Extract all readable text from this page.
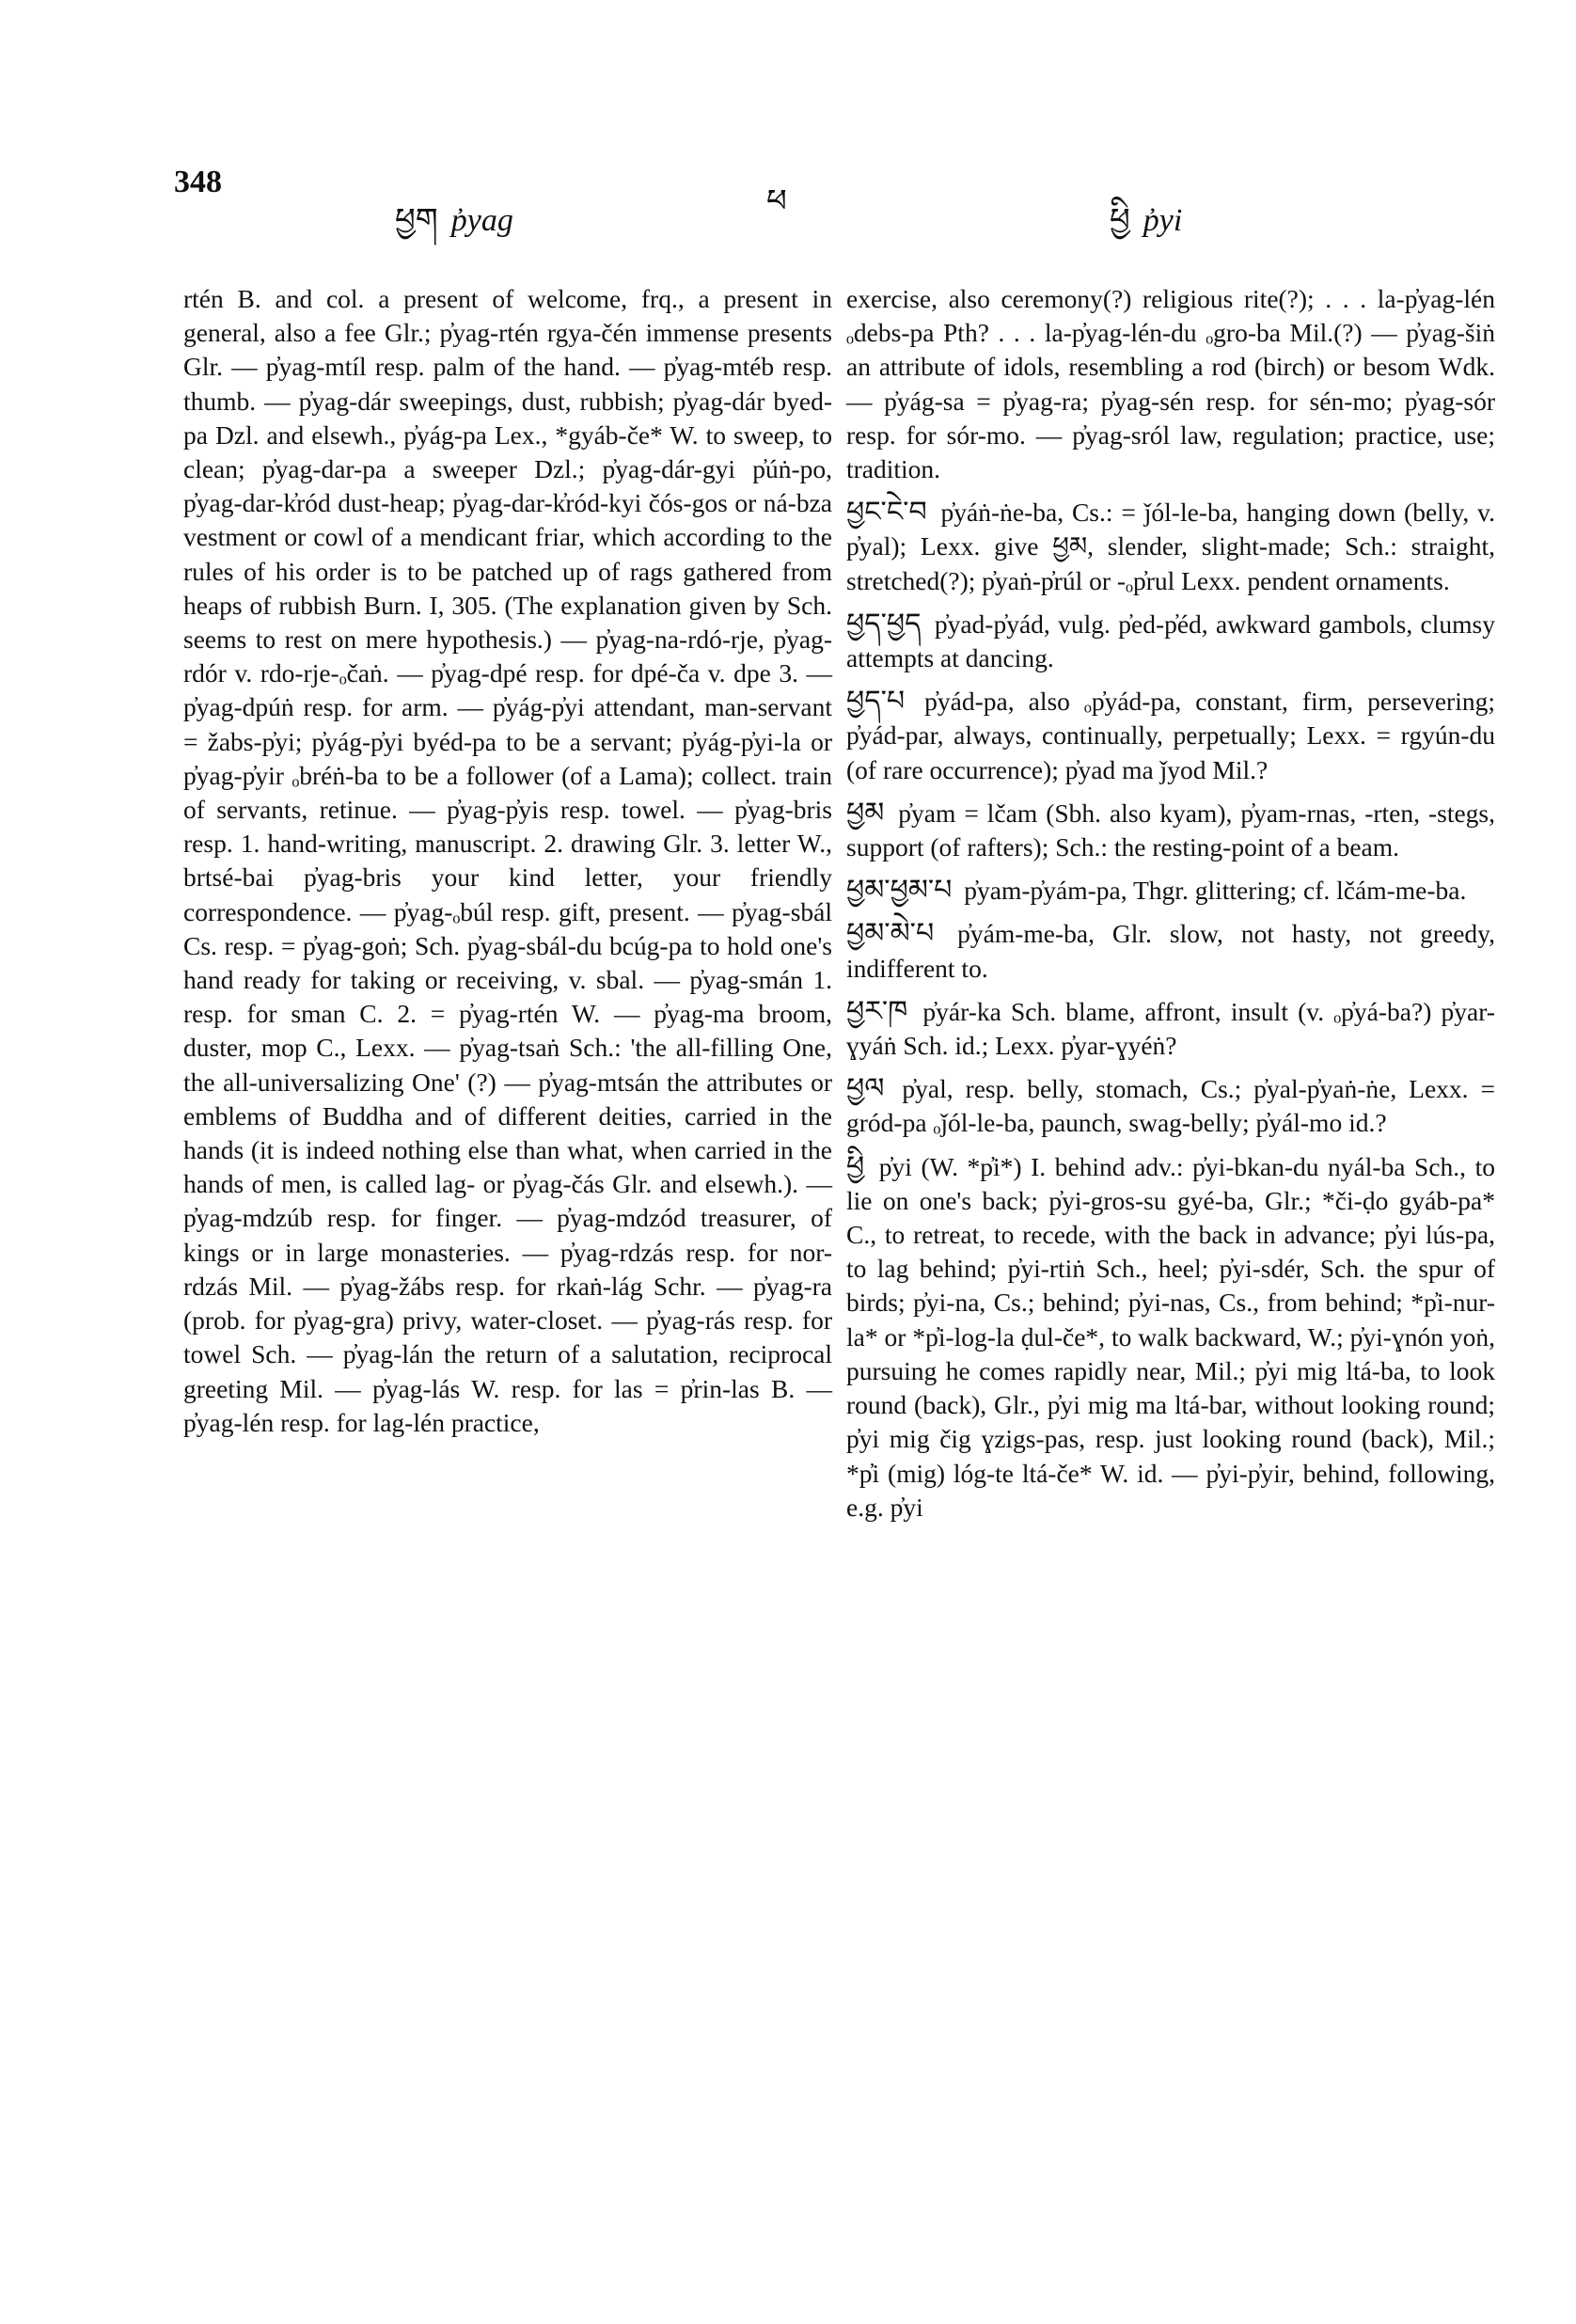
348
ཕྱག p̓yag
ཕ	ཕྱི p̓yi

rtén B. and col. a present of welcome, frq., a present in general, also a fee Glr.; p̓yag-rtén rgya-čén immense presents Glr. — p̓yag-mtíl resp. palm of the hand. — p̓yag-mtéb resp. thumb. — p̓yag-dár sweepings, dust, rubbish; p̓yag-dár byed-pa Dzl. and elsewh., p̓yág-pa Lex., *gyáb-če* W. to sweep, to clean; p̓yag-dar-pa a sweeper Dzl.; p̓yag-dár-gyi p̓úṅ-po, p̓yag-dar-k̓ród dust-heap; p̓yag-dar-k̓ród-kyi čós-gos or ná-bza vestment or cowl of a mendicant friar, which according to the rules of his order is to be patched up of rags gathered from heaps of rubbish Burn. I, 305. (The explanation given by Sch. seems to rest on mere hypothesis.) — p̓yag-na-rdó-rje, p̓yag-rdór v. rdo-rje-ₒčaṅ. — p̓yag-dpé resp. for dpé-ča v. dpe 3. — p̓yag-dpúṅ resp. for arm. — p̓yág-p̓yi attendant, man-servant = žabs-p̓yi; p̓yág-p̓yi byéd-pa to be a servant; p̓yág-p̓yi-la or p̓yag-p̓yir ₒbréṅ-ba to be a follower (of a Lama); collect. train of servants, retinue. — p̓yag-p̓yis resp. towel. — p̓yag-bris resp. 1. hand-writing, manuscript. 2. drawing Glr. 3. letter W., brtsé-bai p̓yag-bris your kind letter, your friendly correspondence. — p̓yag-ₒbúl resp. gift, present. — p̓yag-sbál Cs. resp. = p̓yag-goṅ; Sch. p̓yag-sbál-du bcúg-pa to hold one's hand ready for taking or receiving, v. sbal. — p̓yag-smán 1. resp. for sman C. 2. = p̓yag-rtén W. — p̓yag-ma broom, duster, mop C., Lexx. — p̓yag-tsaṅ Sch.: 'the all-filling One, the all-universalizing One' (?) — p̓yag-mtsán the attributes or emblems of Buddha and of different deities, carried in the hands (it is indeed nothing else than what, when carried in the hands of men, is called lag- or p̓yag-čás Glr. and elsewh.). — p̓yag-mdzúb resp. for finger. — p̓yag-mdzód treasurer, of kings or in large monasteries. — p̓yag-rdzás resp. for nor-rdzás Mil. — p̓yag-žábs resp. for rkaṅ-lág Schr. — p̓yag-ra (prob. for p̓yag-gra) privy, water-closet. — p̓yag-rás resp. for towel Sch. — p̓yag-lán the return of a salutation, reciprocal greeting Mil. — p̓yag-lás W. resp. for las = p̓rin-las B. — p̓yag-lén resp. for lag-lén practice,

exercise, also ceremony(?) religious rite(?); . . . la-p̓yag-lén ₒdebs-pa Pth? . . . la-p̓yag-lén-du ₒgro-ba Mil.(?) — p̓yag-šiṅ an attribute of idols, resembling a rod (birch) or besom Wdk. — p̓yág-sa = p̓yag-ra; p̓yag-sén resp. for sén-mo; p̓yag-sór resp. for sór-mo. — p̓yag-sról law, regulation; practice, use; tradition.

ཕྱང་ངེ་བ p̓yáṅ-ṅe-ba, Cs.: = ǰól-le-ba, hanging down (belly, v. p̓yal); Lexx. give ཕྱམ, slender, slight-made; Sch.: straight, stretched(?); p̓yaṅ-p̓rúl or -ₒp̓rul Lexx. pendent ornaments.

ཕྱད་ཕྱད p̓yad-p̓yád, vulg. p̓ed-p̓éd, awkward gambols, clumsy attempts at dancing.

ཕྱད་པ p̓yád-pa, also ₒp̓yád-pa, constant, firm, persevering; p̓yád-par, always, continually, perpetually; Lexx. = rgyún-du (of rare occurrence); p̓yad ma ǰyod Mil.?

ཕྱམ p̓yam = lčam (Sbh. also kyam), p̓yam-rnas, -rten, -stegs, support (of rafters); Sch.: the resting-point of a beam.

ཕྱམ་ཕྱམ་པ p̓yam-p̓yám-pa, Thgr. glittering; cf. lčám-me-ba.

ཕྱམ་མེ་པ p̓yám-me-ba, Glr. slow, not hasty, not greedy, indifferent to.

ཕྱར་ཁ p̓yár-ka Sch. blame, affront, insult (v. ₒp̓yá-ba?) p̓yar-ɣyáṅ Sch. id.; Lexx. p̓yar-ɣyéṅ?

ཕྱལ p̓yal, resp. belly, stomach, Cs.; p̓yal-p̓yaṅ-ṅe, Lexx. = gród-pa ₒǰól-le-ba, paunch, swag-belly; p̓yál-mo id.?

ཕྱི p̓yi (W. *p̓i*) I. behind adv.: p̓yi-bkan-du nyál-ba Sch., to lie on one's back; p̓yi-gros-su gyé-ba, Glr.; *či-ḍo gyáb-pa* C., to retreat, to recede, with the back in advance; p̓yi lús-pa, to lag behind; p̓yi-rtiṅ Sch., heel; p̓yi-sdér, Sch. the spur of birds; p̓yi-na, Cs.; behind; p̓yi-nas, Cs., from behind; *p̓i-nur-la* or *p̓i-log-la ḍul-če*, to walk backward, W.; p̓yi-ɣnón yoṅ, pursuing he comes rapidly near, Mil.; p̓yi mig ltá-ba, to look round (back), Glr., p̓yi mig ma ltá-bar, without looking round; p̓yi mig čig ɣzigs-pas, resp. just looking round (back), Mil.; *p̓i (mig) lóg-te ltá-če* W. id. — p̓yi-p̓yir, behind, following, e.g. p̓yi
